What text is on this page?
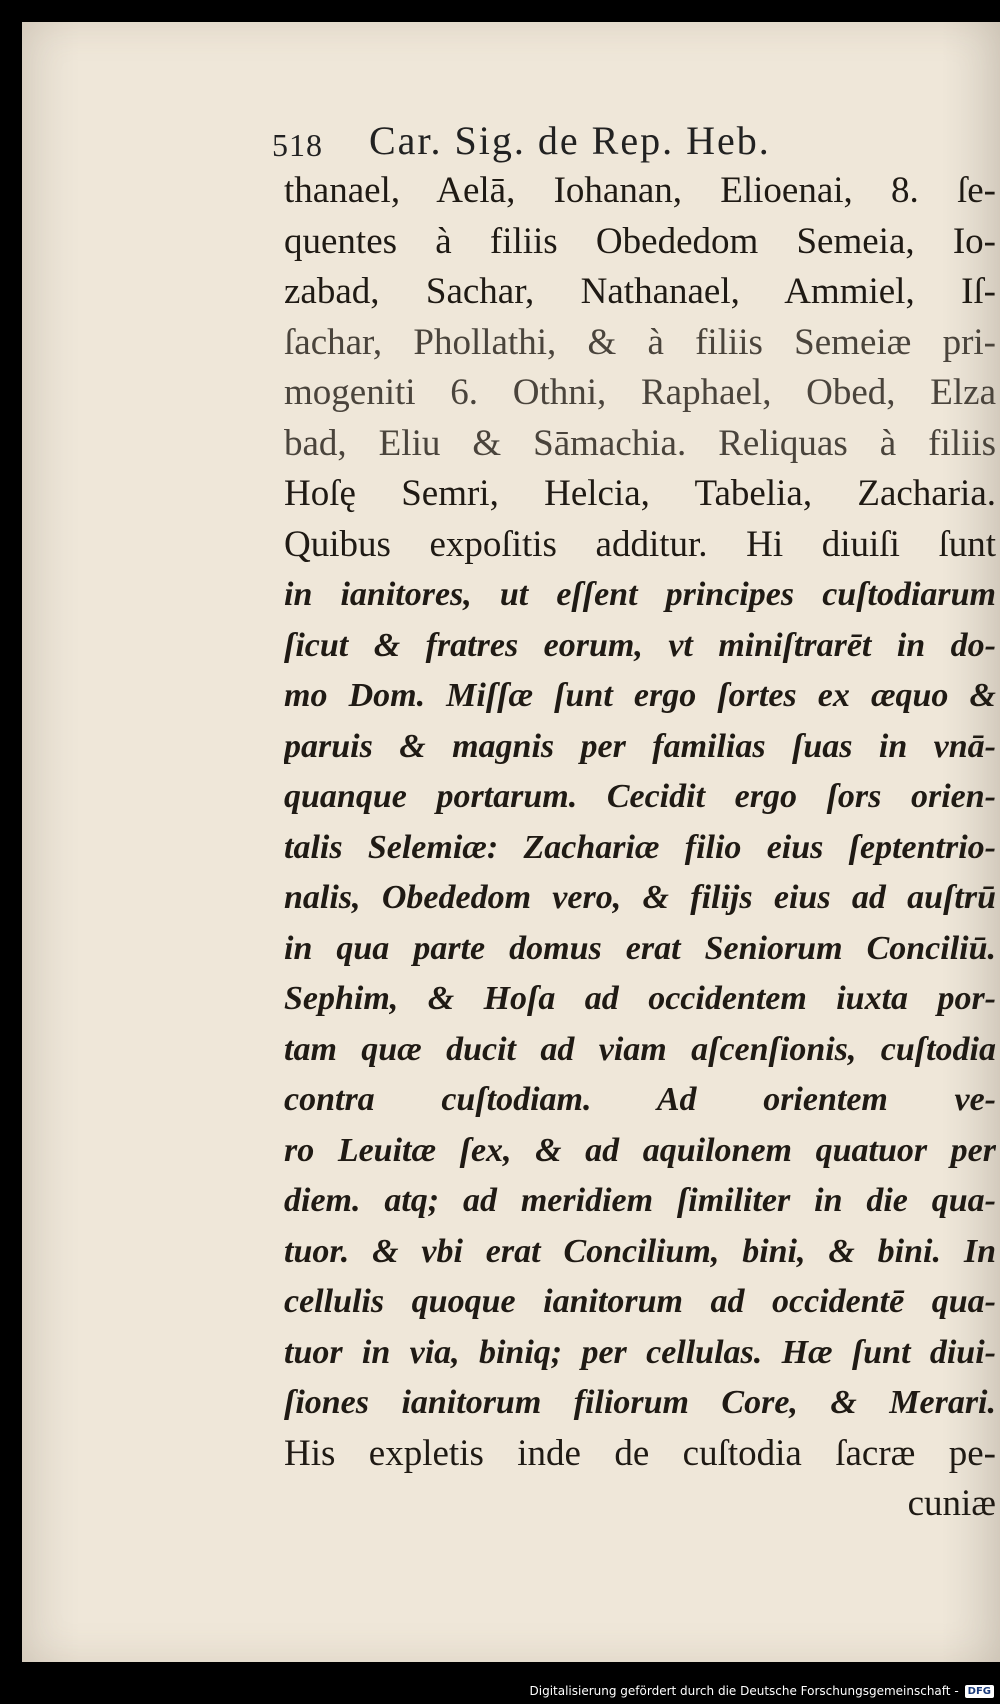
518 Car. Sig. de Rep. Heb.
thanael, Aelā, Iohanan, Elioenai, 8. ſe-
quentes à filiis Obededom Semeia, Io-
zabad, Sachar, Nathanael, Ammiel, Iſ-
ſachar, Phollathi, & à filiis Semeiæ pri-
mogeniti 6. Othni, Raphael, Obed, Elza
bad, Eliu & Sāmachia. Reliquas à filiis
Hoſę Semri, Helcia, Tabelia, Zacharia.
Quibus expoſitis additur. Hi diuiſi ſunt
in ianitores, ut eſſent principes cuſtodiarum
ſicut & fratres eorum, vt miniſtrarēt in do-
mo Dom. Miſſæ ſunt ergo ſortes ex æquo &
paruis & magnis per familias ſuas in vnā-
quanque portarum. Cecidit ergo ſors orien-
talis Selemiæ: Zachariæ filio eius ſeptentrio-
nalis, Obededom vero, & filijs eius ad auſtrū
in qua parte domus erat Seniorum Conciliū.
Sephim, & Hoſa ad occidentem iuxta por-
tam quæ ducit ad viam aſcenſionis, cuſtodia
contra cuſtodiam. Ad orientem ve-
ro Leuitæ ſex, & ad aquilonem quatuor per
diem. atq; ad meridiem ſimiliter in die qua-
tuor. & vbi erat Concilium, bini, & bini. In
cellulis quoque ianitorum ad occidentē qua-
tuor in via, biniq; per cellulas. Hæ ſunt diui-
ſiones ianitorum filiorum Core, & Merari.
His expletis inde de cuſtodia ſacræ pe-
cuniæ
Digitalisierung gefördert durch die Deutsche Forschungsgemeinschaft - DFG
